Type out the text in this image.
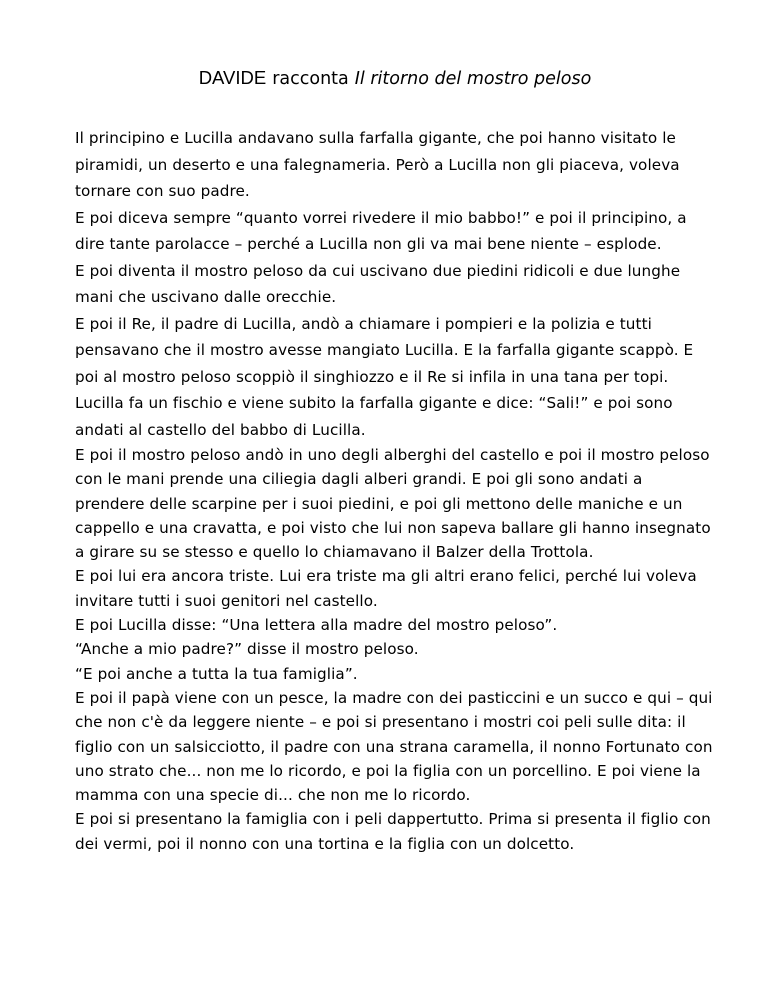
DAVIDE racconta Il ritorno del mostro peloso

Il principino e Lucilla andavano sulla farfalla gigante, che poi hanno visitato le piramidi, un deserto e una falegnameria. Però a Lucilla non gli piaceva, voleva tornare con suo padre.

E poi diceva sempre “quanto vorrei rivedere il mio babbo!” e poi il principino, a dire tante parolacce – perché a Lucilla non gli va mai bene niente – esplode.

E poi diventa il mostro peloso da cui uscivano due piedini ridicoli e due lunghe mani che uscivano dalle orecchie.

E poi il Re, il padre di Lucilla, andò a chiamare i pompieri e la polizia e tutti pensavano che il mostro avesse mangiato Lucilla. E la farfalla gigante scappò. E poi al mostro peloso scoppiò il singhiozzo e il Re si infila in una tana per topi. Lucilla fa un fischio e viene subito la farfalla gigante e dice: “Sali!” e poi sono andati al castello del babbo di Lucilla.

E poi il mostro peloso andò in uno degli alberghi del castello e poi il mostro peloso con le mani prende una ciliegia dagli alberi grandi. E poi gli sono andati a prendere delle scarpine per i suoi piedini, e poi gli mettono delle maniche e un cappello e una cravatta, e poi visto che lui non sapeva ballare gli hanno insegnato a girare su se stesso e quello lo chiamavano il Balzer della Trottola.

E poi lui era ancora triste. Lui era triste ma gli altri erano felici, perché lui voleva invitare tutti i suoi genitori nel castello.

E poi Lucilla disse: “Una lettera alla madre del mostro peloso”.

“Anche a mio padre?” disse il mostro peloso.

“E poi anche a tutta la tua famiglia”.

E poi il papà viene con un pesce, la madre con dei pasticcini e un succo e qui – qui che non c'è da leggere niente – e poi si presentano i mostri coi peli sulle dita: il figlio con un salsicciotto, il padre con una strana caramella, il nonno Fortunato con uno strato che... non me lo ricordo, e poi la figlia con un porcellino. E poi viene la mamma con una specie di... che non me lo ricordo.

E poi si presentano la famiglia con i peli dappertutto. Prima si presenta il figlio con dei vermi, poi il nonno con una tortina e la figlia con un dolcetto.
